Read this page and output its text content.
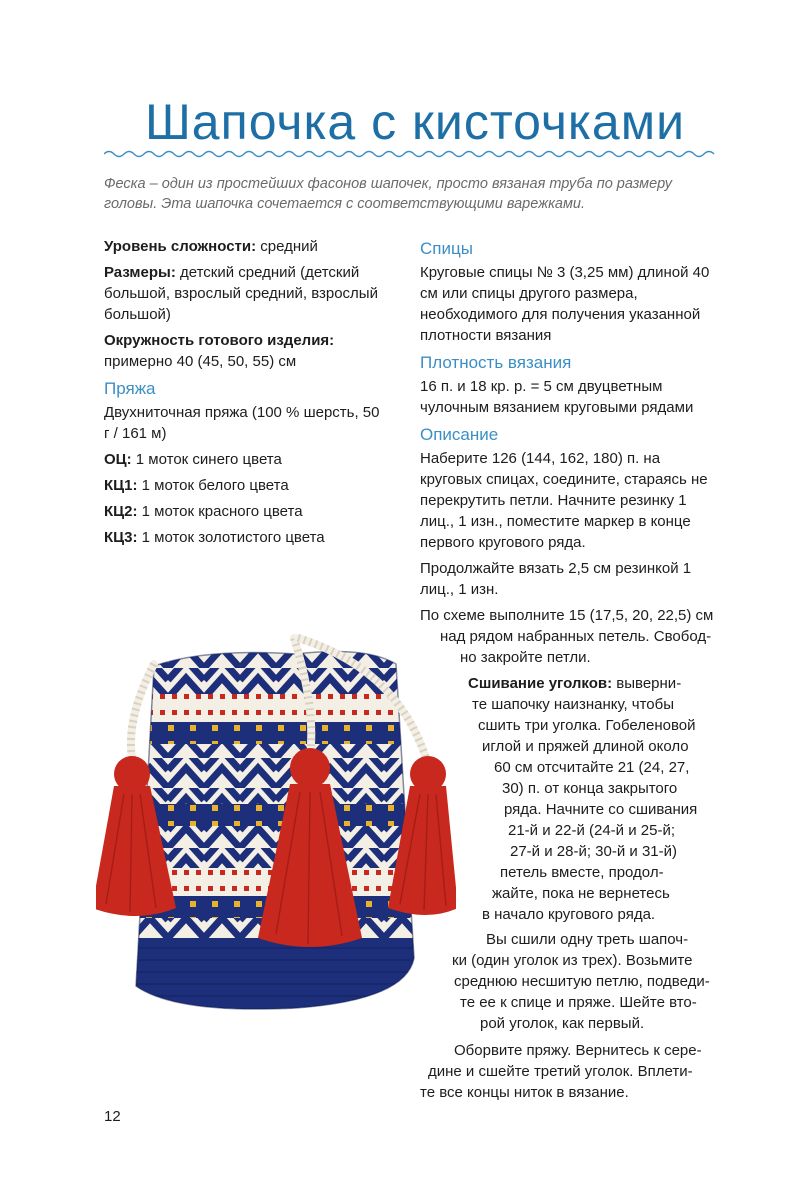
Шапочка с кисточками
Феска – один из простейших фасонов шапочек, просто вязаная труба по размеру головы. Эта шапочка сочетается с соответствующими варежками.

Уровень сложности: средний

Размеры: детский средний (детский большой, взрослый средний, взрослый большой)

Окружность готового изделия: примерно 40 (45, 50, 55) см

Пряжа

Двухниточная пряжа (100 % шерсть, 50 г / 161 м)

ОЦ: 1 моток синего цвета

КЦ1: 1 моток белого цвета

КЦ2: 1 моток красного цвета

КЦ3: 1 моток золотистого цвета

Спицы

Круговые спицы № 3 (3,25 мм) длиной 40 см или спицы другого размера, необходимого для получения указанной плотности вязания

Плотность вязания

16 п. и 18 кр. р. = 5 см двуцветным чулочным вязанием круговыми рядами

Описание

Наберите 126 (144, 162, 180) п. на круговых спицах, соедините, стараясь не перекрутить петли. Начните резинку 1 лиц., 1 изн., поместите маркер в конце первого кругового ряда.

Продолжайте вязать 2,5 см резинкой 1 лиц., 1 изн.

По схеме выполните 15 (17,5, 20, 22,5) см
над рядом набранных петель. Свобод-
но закройте петли.
Сшивание уголков: выверни-
те шапочку наизнанку, чтобы
сшить три уголка. Гобеленовой
иглой и пряжей длиной около
60 см отсчитайте 21 (24, 27,
30) п. от конца закрытого
ряда. Начните со сшивания
21-й и 22-й (24-й и 25-й;
27-й и 28-й; 30-й и 31-й)
петель вместе, продол-
жайте, пока не вернетесь
в начало кругового ряда.
Вы сшили одну треть шапоч-
ки (один уголок из трех). Возьмите
среднюю несшитую петлю, подведи-
те ее к спице и пряже. Шейте вто-
рой уголок, как первый.
Оборвите пряжу. Вернитесь к сере-
дине и сшейте третий уголок. Вплети-
те все концы ниток в вязание.
12
